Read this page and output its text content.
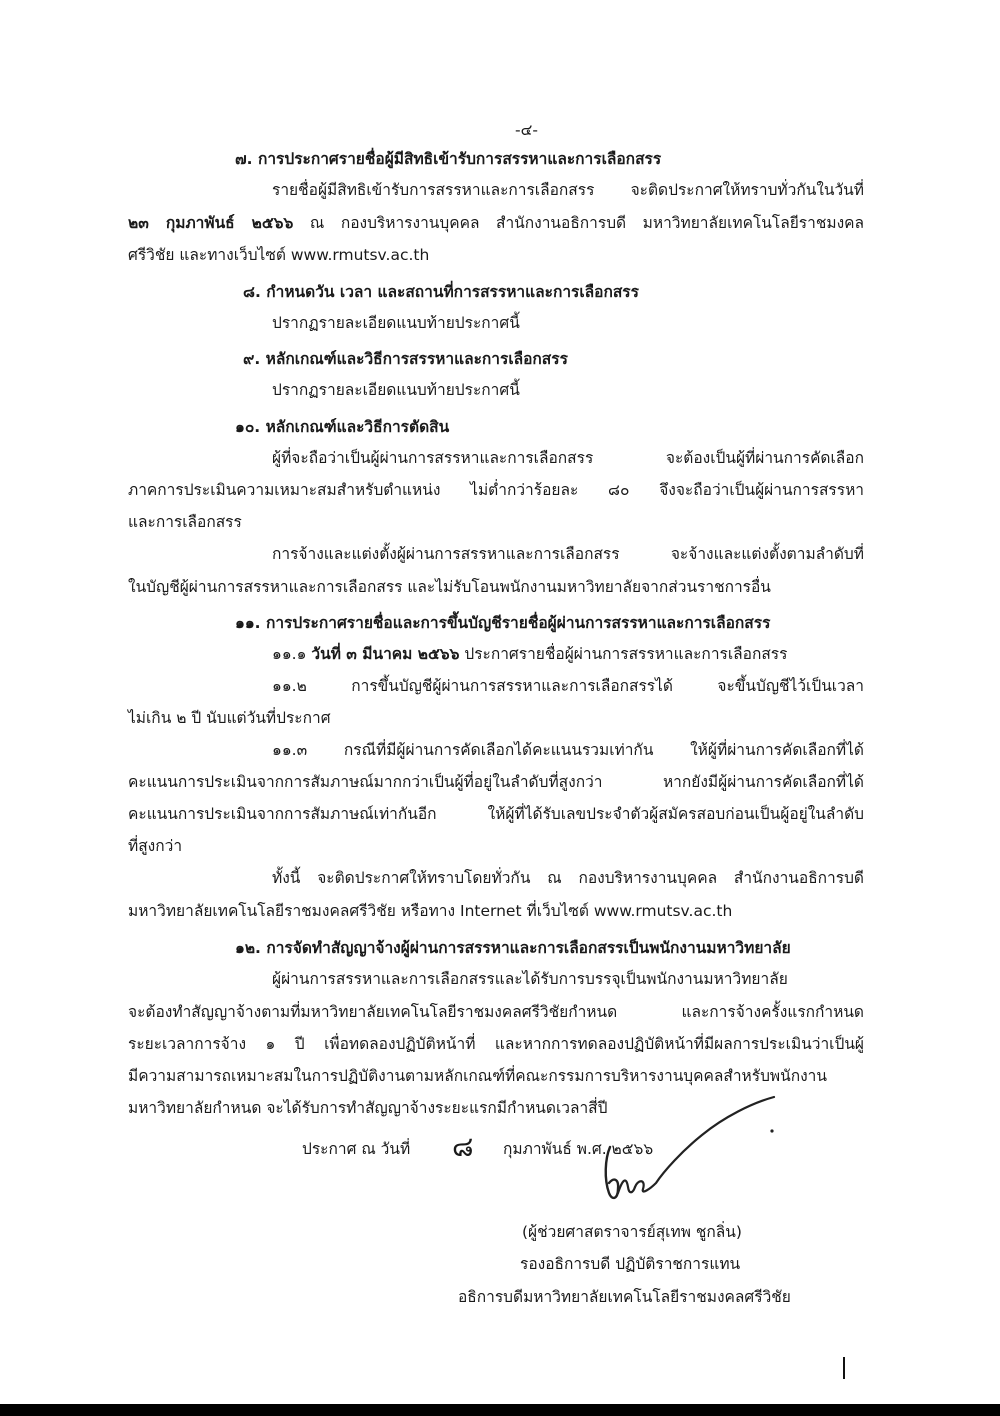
-๔-
๗. การประกาศรายชื่อผู้มีสิทธิเข้ารับการสรรหาและการเลือกสรร
รายชื่อผู้มีสิทธิเข้ารับการสรรหาและการเลือกสรร จะติดประกาศให้ทราบทั่วกันในวันที่
๒๓ กุมภาพันธ์ ๒๕๖๖ ณ กองบริหารงานบุคคล สำนักงานอธิการบดี มหาวิทยาลัยเทคโนโลยีราชมงคล
ศรีวิชัย และทางเว็บไซต์ www.rmutsv.ac.th
๘. กำหนดวัน เวลา และสถานที่การสรรหาและการเลือกสรร
ปรากฏรายละเอียดแนบท้ายประกาศนี้
๙. หลักเกณฑ์และวิธีการสรรหาและการเลือกสรร
ปรากฏรายละเอียดแนบท้ายประกาศนี้
๑๐. หลักเกณฑ์และวิธีการตัดสิน
ผู้ที่จะถือว่าเป็นผู้ผ่านการสรรหาและการเลือกสรร จะต้องเป็นผู้ที่ผ่านการคัดเลือก
ภาคการประเมินความเหมาะสมสำหรับตำแหน่ง ไม่ต่ำกว่าร้อยละ ๘๐ จึงจะถือว่าเป็นผู้ผ่านการสรรหา
และการเลือกสรร
การจ้างและแต่งตั้งผู้ผ่านการสรรหาและการเลือกสรร จะจ้างและแต่งตั้งตามลำดับที่
ในบัญชีผู้ผ่านการสรรหาและการเลือกสรร และไม่รับโอนพนักงานมหาวิทยาลัยจากส่วนราชการอื่น
๑๑. การประกาศรายชื่อและการขึ้นบัญชีรายชื่อผู้ผ่านการสรรหาและการเลือกสรร
๑๑.๑ วันที่ ๓ มีนาคม ๒๕๖๖ ประกาศรายชื่อผู้ผ่านการสรรหาและการเลือกสรร
๑๑.๒ การขึ้นบัญชีผู้ผ่านการสรรหาและการเลือกสรรได้ จะขึ้นบัญชีไว้เป็นเวลา
ไม่เกิน ๒ ปี นับแต่วันที่ประกาศ
๑๑.๓ กรณีที่มีผู้ผ่านการคัดเลือกได้คะแนนรวมเท่ากัน ให้ผู้ที่ผ่านการคัดเลือกที่ได้
คะแนนการประเมินจากการสัมภาษณ์มากกว่าเป็นผู้ที่อยู่ในลำดับที่สูงกว่า หากยังมีผู้ผ่านการคัดเลือกที่ได้
คะแนนการประเมินจากการสัมภาษณ์เท่ากันอีก ให้ผู้ที่ได้รับเลขประจำตัวผู้สมัครสอบก่อนเป็นผู้อยู่ในลำดับ
ที่สูงกว่า
ทั้งนี้ จะติดประกาศให้ทราบโดยทั่วกัน ณ กองบริหารงานบุคคล สำนักงานอธิการบดี
มหาวิทยาลัยเทคโนโลยีราชมงคลศรีวิชัย หรือทาง Internet ที่เว็บไซต์ www.rmutsv.ac.th
๑๒. การจัดทำสัญญาจ้างผู้ผ่านการสรรหาและการเลือกสรรเป็นพนักงานมหาวิทยาลัย
ผู้ผ่านการสรรหาและการเลือกสรรและได้รับการบรรจุเป็นพนักงานมหาวิทยาลัย
จะต้องทำสัญญาจ้างตามที่มหาวิทยาลัยเทคโนโลยีราชมงคลศรีวิชัยกำหนด และการจ้างครั้งแรกกำหนด
ระยะเวลาการจ้าง ๑ ปี เพื่อทดลองปฏิบัติหน้าที่ และหากการทดลองปฏิบัติหน้าที่มีผลการประเมินว่าเป็นผู้
มีความสามารถเหมาะสมในการปฏิบัติงานตามหลักเกณฑ์ที่คณะกรรมการบริหารงานบุคคลสำหรับพนักงาน
มหาวิทยาลัยกำหนด จะได้รับการทำสัญญาจ้างระยะแรกมีกำหนดเวลาสี่ปี
ประกาศ ณ วันที่ ๘ กุมภาพันธ์ พ.ศ. ๒๕๖๖
(ผู้ช่วยศาสตราจารย์สุเทพ ชูกลิ่น)
รองอธิการบดี ปฏิบัติราชการแทน
อธิการบดีมหาวิทยาลัยเทคโนโลยีราชมงคลศรีวิชัย
